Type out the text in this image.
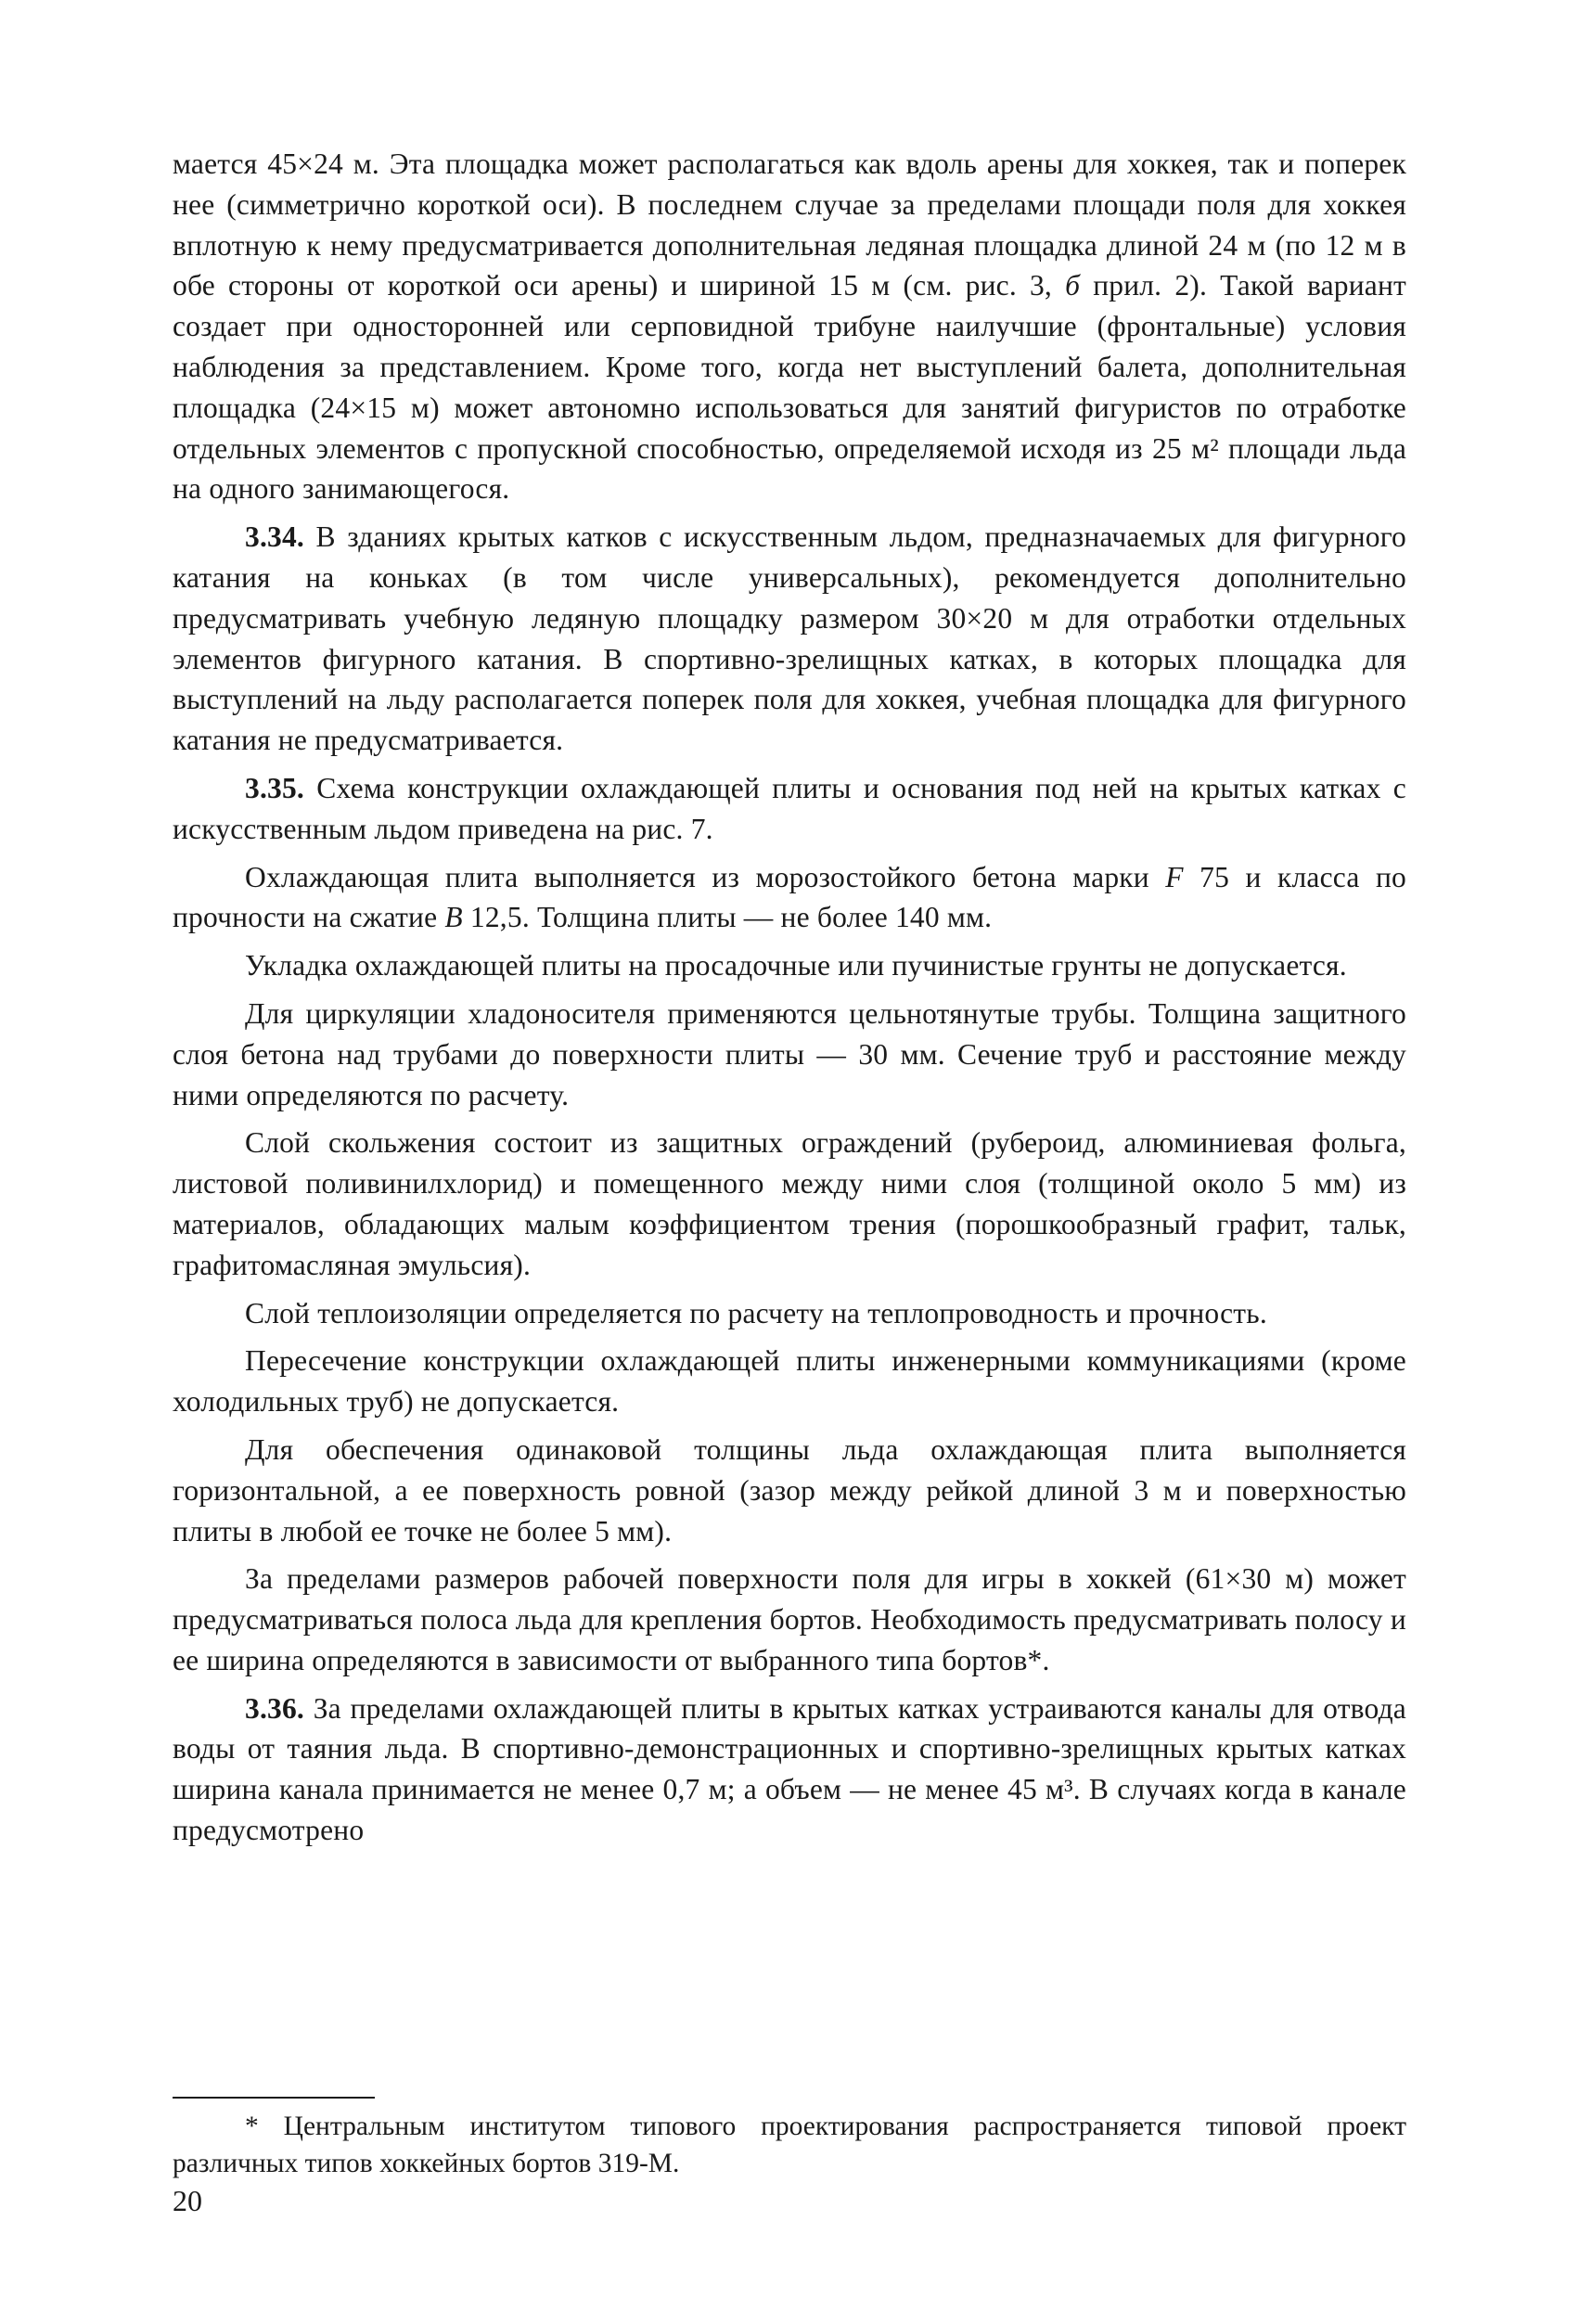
мается 45×24 м. Эта площадка может располагаться как вдоль арены для хоккея, так и поперек нее (симметрично короткой оси). В последнем случае за пределами площади поля для хоккея вплотную к нему предусматривается дополнительная ледяная площадка длиной 24 м (по 12 м в обе стороны от короткой оси арены) и шириной 15 м (см. рис. 3, б прил. 2). Такой вариант создает при односторонней или серповидной трибуне наилучшие (фронтальные) условия наблюдения за представлением. Кроме того, когда нет выступлений балета, дополнительная площадка (24×15 м) может автономно использоваться для занятий фигуристов по отработке отдельных элементов с пропускной способностью, определяемой исходя из 25 м² площади льда на одного занимающегося.

3.34. В зданиях крытых катков с искусственным льдом, предназначаемых для фигурного катания на коньках (в том числе универсальных), рекомендуется дополнительно предусматривать учебную ледяную площадку размером 30×20 м для отработки отдельных элементов фигурного катания. В спортивно-зрелищных катках, в которых площадка для выступлений на льду располагается поперек поля для хоккея, учебная площадка для фигурного катания не предусматривается.

3.35. Схема конструкции охлаждающей плиты и основания под ней на крытых катках с искусственным льдом приведена на рис. 7.

Охлаждающая плита выполняется из морозостойкого бетона марки F 75 и класса по прочности на сжатие B 12,5. Толщина плиты — не более 140 мм.

Укладка охлаждающей плиты на просадочные или пучинистые грунты не допускается.

Для циркуляции хладоносителя применяются цельнотянутые трубы. Толщина защитного слоя бетона над трубами до поверхности плиты — 30 мм. Сечение труб и расстояние между ними определяются по расчету.

Слой скольжения состоит из защитных ограждений (рубероид, алюминиевая фольга, листовой поливинилхлорид) и помещенного между ними слоя (толщиной около 5 мм) из материалов, обладающих малым коэффициентом трения (порошкообразный графит, тальк, графитомасляная эмульсия).

Слой теплоизоляции определяется по расчету на теплопроводность и прочность.

Пересечение конструкции охлаждающей плиты инженерными коммуникациями (кроме холодильных труб) не допускается.

Для обеспечения одинаковой толщины льда охлаждающая плита выполняется горизонтальной, а ее поверхность ровной (зазор между рейкой длиной 3 м и поверхностью плиты в любой ее точке не более 5 мм).

За пределами размеров рабочей поверхности поля для игры в хоккей (61×30 м) может предусматриваться полоса льда для крепления бортов. Необходимость предусматривать полосу и ее ширина определяются в зависимости от выбранного типа бортов*.

3.36. За пределами охлаждающей плиты в крытых катках устраиваются каналы для отвода воды от таяния льда. В спортивно-демонстрационных и спортивно-зрелищных крытых катках ширина канала принимается не менее 0,7 м; а объем — не менее 45 м³. В случаях когда в канале предусмотрено

* Центральным институтом типового проектирования распространяется типовой проект различных типов хоккейных бортов 319-М.

20
